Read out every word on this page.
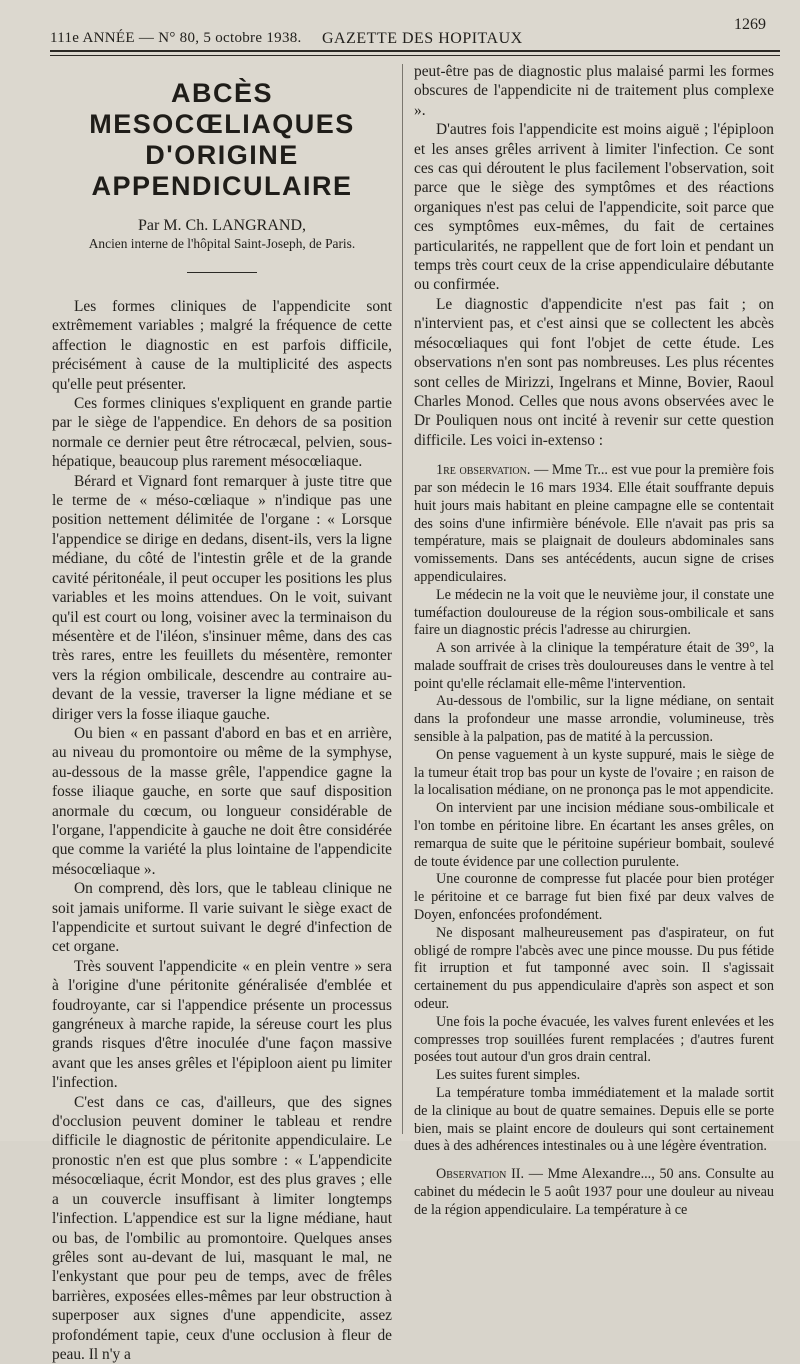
111e ANNÉE — N° 80, 5 octobre 1938. GAZETTE DES HOPITAUX
1269
ABCÈS MESOCŒLIAQUES
D'ORIGINE APPENDICULAIRE
Par M. Ch. LANGRAND,
Ancien interne de l'hôpital Saint-Joseph, de Paris.

Les formes cliniques de l'appendicite sont extrêmement variables ; malgré la fréquence de cette affection le diagnostic en est parfois difficile, précisément à cause de la multiplicité des aspects qu'elle peut présenter.

Ces formes cliniques s'expliquent en grande partie par le siège de l'appendice. En dehors de sa position normale ce dernier peut être rétrocæcal, pelvien, sous-hépatique, beaucoup plus rarement mésocœliaque.

Bérard et Vignard font remarquer à juste titre que le terme de « méso-cœliaque » n'indique pas une position nettement délimitée de l'organe : « Lorsque l'appendice se dirige en dedans, disent-ils, vers la ligne médiane, du côté de l'intestin grêle et de la grande cavité péritonéale, il peut occuper les positions les plus variables et les moins attendues. On le voit, suivant qu'il est court ou long, voisiner avec la terminaison du mésentère et de l'iléon, s'insinuer même, dans des cas très rares, entre les feuillets du mésentère, remonter vers la région ombilicale, descendre au contraire au-devant de la vessie, traverser la ligne médiane et se diriger vers la fosse iliaque gauche.

Ou bien « en passant d'abord en bas et en arrière, au niveau du promontoire ou même de la symphyse, au-dessous de la masse grêle, l'appendice gagne la fosse iliaque gauche, en sorte que sauf disposition anormale du cœcum, ou longueur considérable de l'organe, l'appendicite à gauche ne doit être considérée que comme la variété la plus lointaine de l'appendicite mésocœliaque ».

On comprend, dès lors, que le tableau clinique ne soit jamais uniforme. Il varie suivant le siège exact de l'appendicite et surtout suivant le degré d'infection de cet organe.

Très souvent l'appendicite « en plein ventre » sera à l'origine d'une péritonite généralisée d'emblée et foudroyante, car si l'appendice présente un processus gangréneux à marche rapide, la séreuse court les plus grands risques d'être inoculée d'une façon massive avant que les anses grêles et l'épiploon aient pu limiter l'infection.

C'est dans ce cas, d'ailleurs, que des signes d'occlusion peuvent dominer le tableau et rendre difficile le diagnostic de péritonite appendiculaire. Le pronostic n'en est que plus sombre : « L'appendicite mésocœliaque, écrit Mondor, est des plus graves ; elle a un couvercle insuffisant à limiter longtemps l'infection. L'appendice est sur la ligne médiane, haut ou bas, de l'ombilic au promontoire. Quelques anses grêles sont au-devant de lui, masquant le mal, ne l'enkystant que pour peu de temps, avec de frêles barrières, exposées elles-mêmes par leur obstruction à superposer aux signes d'une appendicite, assez profondément tapie, ceux d'une occlusion à fleur de peau. Il n'y a

peut-être pas de diagnostic plus malaisé parmi les formes obscures de l'appendicite ni de traitement plus complexe ».

D'autres fois l'appendicite est moins aiguë ; l'épiploon et les anses grêles arrivent à limiter l'infection. Ce sont ces cas qui déroutent le plus facilement l'observation, soit parce que le siège des symptômes et des réactions organiques n'est pas celui de l'appendicite, soit parce que ces symptômes eux-mêmes, du fait de certaines particularités, ne rappellent que de fort loin et pendant un temps très court ceux de la crise appendiculaire débutante ou confirmée.

Le diagnostic d'appendicite n'est pas fait ; on n'intervient pas, et c'est ainsi que se collectent les abcès mésocœliaques qui font l'objet de cette étude. Les observations n'en sont pas nombreuses. Les plus récentes sont celles de Mirizzi, Ingelrans et Minne, Bovier, Raoul Charles Monod. Celles que nous avons observées avec le Dr Pouliquen nous ont incité à revenir sur cette question difficile. Les voici in-extenso :

1re observation. — Mme Tr... est vue pour la première fois par son médecin le 16 mars 1934. Elle était souffrante depuis huit jours mais habitant en pleine campagne elle se contentait des soins d'une infirmière bénévole. Elle n'avait pas pris sa température, mais se plaignait de douleurs abdominales sans vomissements. Dans ses antécédents, aucun signe de crises appendiculaires.

Le médecin ne la voit que le neuvième jour, il constate une tuméfaction douloureuse de la région sous-ombilicale et sans faire un diagnostic précis l'adresse au chirurgien.

A son arrivée à la clinique la température était de 39°, la malade souffrait de crises très douloureuses dans le ventre à tel point qu'elle réclamait elle-même l'intervention.

Au-dessous de l'ombilic, sur la ligne médiane, on sentait dans la profondeur une masse arrondie, volumineuse, très sensible à la palpation, pas de matité à la percussion.

On pense vaguement à un kyste suppuré, mais le siège de la tumeur était trop bas pour un kyste de l'ovaire ; en raison de la localisation médiane, on ne prononça pas le mot appendicite.

On intervient par une incision médiane sous-ombilicale et l'on tombe en péritoine libre. En écartant les anses grêles, on remarqua de suite que le péritoine supérieur bombait, soulevé de toute évidence par une collection purulente.

Une couronne de compresse fut placée pour bien protéger le péritoine et ce barrage fut bien fixé par deux valves de Doyen, enfoncées profondément.

Ne disposant malheureusement pas d'aspirateur, on fut obligé de rompre l'abcès avec une pince mousse. Du pus fétide fit irruption et fut tamponné avec soin. Il s'agissait certainement du pus appendiculaire d'après son aspect et son odeur.

Une fois la poche évacuée, les valves furent enlevées et les compresses trop souillées furent remplacées ; d'autres furent posées tout autour d'un gros drain central.

Les suites furent simples.

La température tomba immédiatement et la malade sortit de la clinique au bout de quatre semaines. Depuis elle se porte bien, mais se plaint encore de douleurs qui sont certainement dues à des adhérences intestinales ou à une légère éventration.

Observation II. — Mme Alexandre..., 50 ans. Consulte au cabinet du médecin le 5 août 1937 pour une douleur au niveau de la région appendiculaire. La température à ce
